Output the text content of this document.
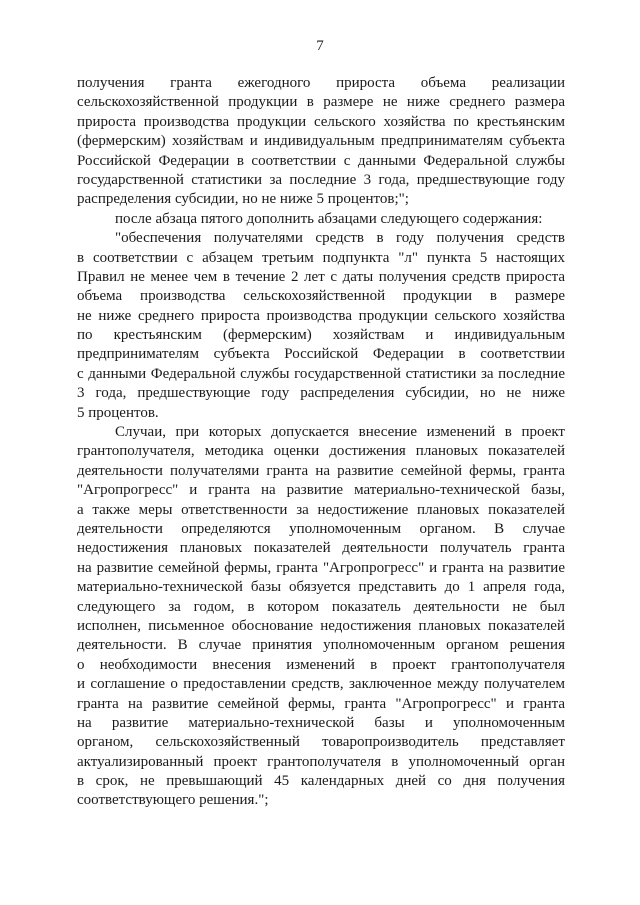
7
получения гранта ежегодного прироста объема реализации
сельскохозяйственной продукции в размере не ниже среднего размера
прироста производства продукции сельского хозяйства по крестьянским
(фермерским) хозяйствам и индивидуальным предпринимателям субъекта
Российской Федерации в соответствии с данными Федеральной службы
государственной статистики за последние 3 года, предшествующие году
распределения субсидии, но не ниже 5 процентов;";
после абзаца пятого дополнить абзацами следующего содержания:
"обеспечения получателями средств в году получения средств
в соответствии с абзацем третьим подпункта "л" пункта 5 настоящих
Правил не менее чем в течение 2 лет с даты получения средств прироста
объема производства сельскохозяйственной продукции в размере
не ниже среднего прироста производства продукции сельского хозяйства
по крестьянским (фермерским) хозяйствам и индивидуальным
предпринимателям субъекта Российской Федерации в соответствии
с данными Федеральной службы государственной статистики за последние
3 года, предшествующие году распределения субсидии, но не ниже
5 процентов.
Случаи, при которых допускается внесение изменений в проект
грантополучателя, методика оценки достижения плановых показателей
деятельности получателями гранта на развитие семейной фермы, гранта
"Агропрогресс" и гранта на развитие материально-технической базы,
а также меры ответственности за недостижение плановых показателей
деятельности определяются уполномоченным органом. В случае
недостижения плановых показателей деятельности получатель гранта
на развитие семейной фермы, гранта "Агропрогресс" и гранта на развитие
материально-технической базы обязуется представить до 1 апреля года,
следующего за годом, в котором показатель деятельности не был
исполнен, письменное обоснование недостижения плановых показателей
деятельности. В случае принятия уполномоченным органом решения
о необходимости внесения изменений в проект грантополучателя
и соглашение о предоставлении средств, заключенное между получателем
гранта на развитие семейной фермы, гранта "Агропрогресс" и гранта
на развитие материально-технической базы и уполномоченным
органом, сельскохозяйственный товаропроизводитель представляет
актуализированный проект грантополучателя в уполномоченный орган
в срок, не превышающий 45 календарных дней со дня получения
соответствующего решения.";
